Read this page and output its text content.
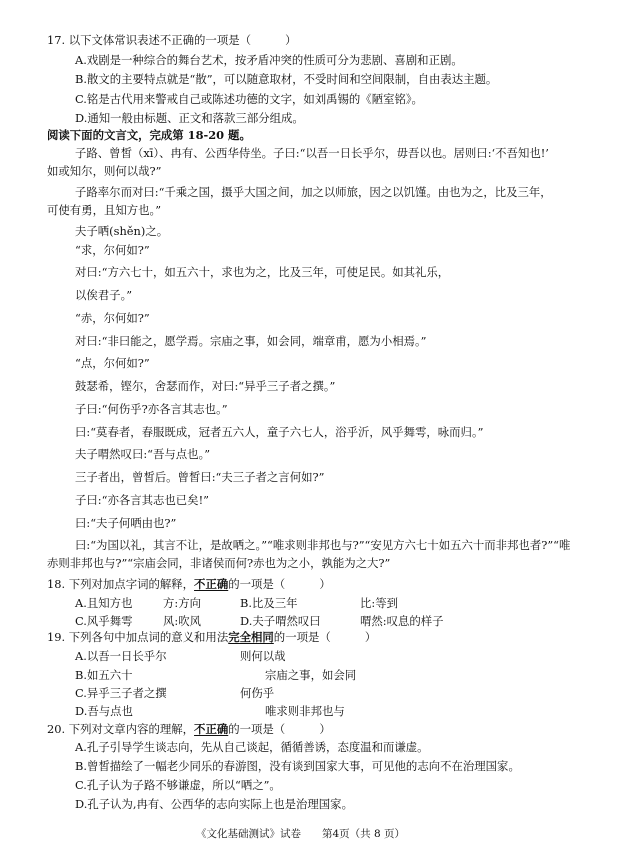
17. 以下文体常识表述不正确的一项是（　　　）
A.戏剧是一种综合的舞台艺术，按矛盾冲突的性质可分为悲剧、喜剧和正剧。
B.散文的主要特点就是“散”，可以随意取材，不受时间和空间限制，自由表达主题。
C.铭是古代用来警戒自己或陈述功德的文字，如刘禹锡的《陋室铭》。
D.通知一般由标题、正文和落款三部分组成。
阅读下面的文言文，完成第 18-20 题。
子路、曾皙（xī）、冉有、公西华侍坐。子曰:“以吾一日长乎尔，毋吾以也。居则曰:‘不吾知也!’
如或知尔，则何以哉?”
子路率尔而对曰:“千乘之国，摄乎大国之间，加之以师旅，因之以饥馑。由也为之，比及三年，
可使有勇，且知方也。”
夫子哂(shěn)之。
“求，尔何如?”
对曰:“方六七十，如五六十，求也为之，比及三年，可使足民。如其礼乐，
以俟君子。”
“赤，尔何如?”
对曰:“非曰能之，愿学焉。宗庙之事，如会同，端章甫，愿为小相焉。”
“点，尔何如?”
鼓瑟希，铿尔，舍瑟而作，对曰:“异乎三子者之撰。”
子曰:“何伤乎?亦各言其志也。”
曰:“莫春者，春服既成，冠者五六人，童子六七人，浴乎沂，风乎舞雩，咏而归。”
夫子喟然叹曰:“吾与点也。”
三子者出，曾皙后。曾皙曰:“夫三子者之言何如?”
子曰:“亦各言其志也已矣!”
曰:“夫子何哂由也?”
曰:“为国以礼，其言不让，是故哂之。”“唯求则非邦也与?”“安见方六七十如五六十而非邦也者?”“唯
赤则非邦也与?”“宗庙会同，非诸侯而何?赤也为之小，孰能为之大?”
18. 下列对加点字词的解释，不正确的一项是（　　　）
A.且知方也	方:方向	B.比及三年	比:等到
C.风乎舞雩	风:吹风	D.夫子喟然叹曰	喟然:叹息的样子
19. 下列各句中加点词的意义和用法完全相同的一项是（　　　）
A.以吾一日长乎尔	则何以哉
B.如五六十	宗庙之事，如会同
C.异乎三子者之撰	何伤乎
D.吾与点也	唯求则非邦也与
20. 下列对文章内容的理解，不正确的一项是（　　　）
A.孔子引导学生谈志向，先从自己谈起，循循善诱，态度温和而谦虚。
B.曾皙描绘了一幅老少同乐的春游图，没有谈到国家大事，可见他的志向不在治理国家。
C.孔子认为子路不够谦虚，所以“哂之”。
D.孔子认为,冉有、公西华的志向实际上也是治理国家。
《文化基础测试》试卷　　第4页（共 8 页）
